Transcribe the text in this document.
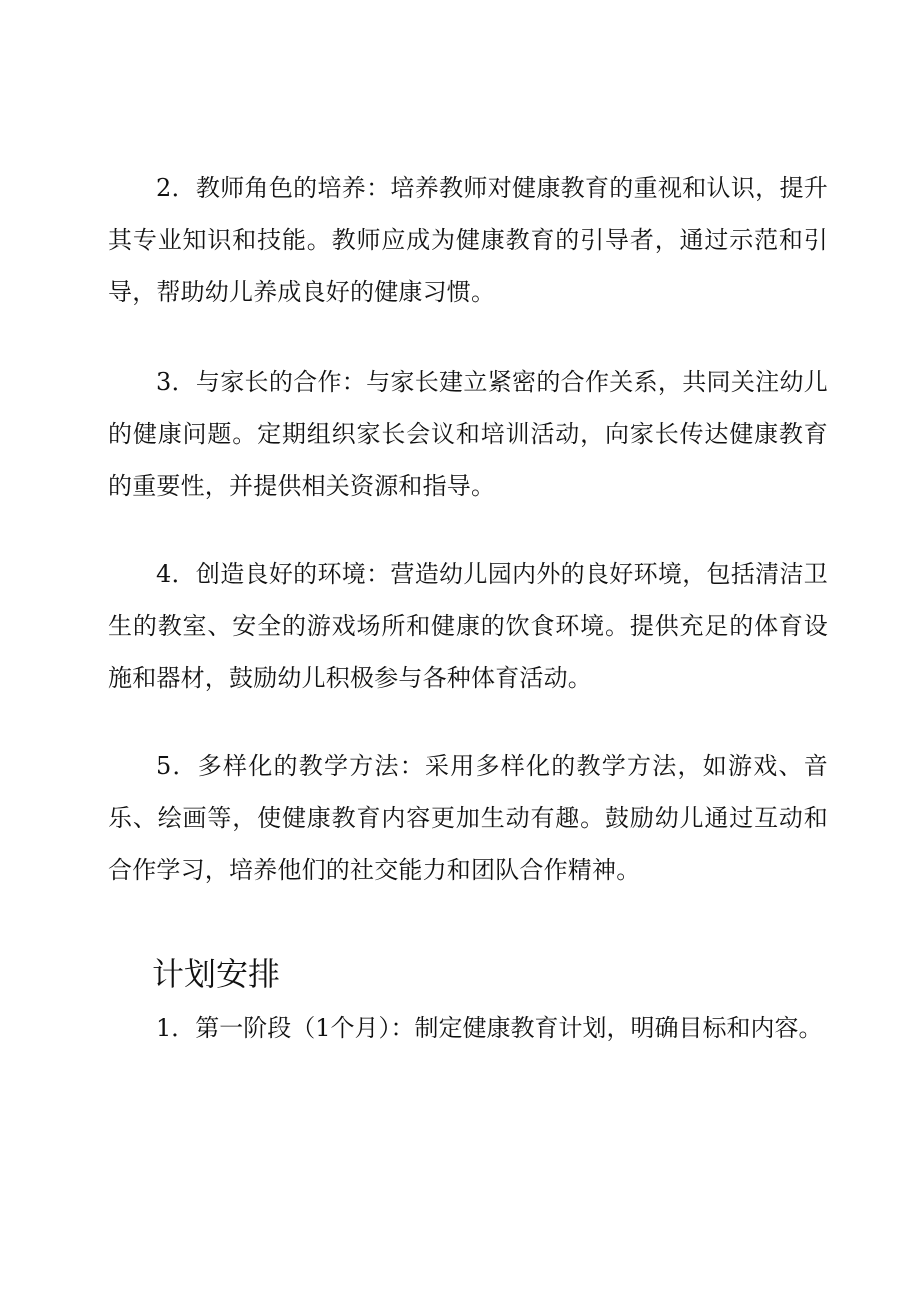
2．教师角色的培养：培养教师对健康教育的重视和认识，提升其专业知识和技能。教师应成为健康教育的引导者，通过示范和引导，帮助幼儿养成良好的健康习惯。

3．与家长的合作：与家长建立紧密的合作关系，共同关注幼儿的健康问题。定期组织家长会议和培训活动，向家长传达健康教育的重要性，并提供相关资源和指导。

4．创造良好的环境：营造幼儿园内外的良好环境，包括清洁卫生的教室、安全的游戏场所和健康的饮食环境。提供充足的体育设施和器材，鼓励幼儿积极参与各种体育活动。

5．多样化的教学方法：采用多样化的教学方法，如游戏、音乐、绘画等，使健康教育内容更加生动有趣。鼓励幼儿通过互动和合作学习，培养他们的社交能力和团队合作精神。

计划安排

1．第一阶段（1个月）：制定健康教育计划，明确目标和内容。
